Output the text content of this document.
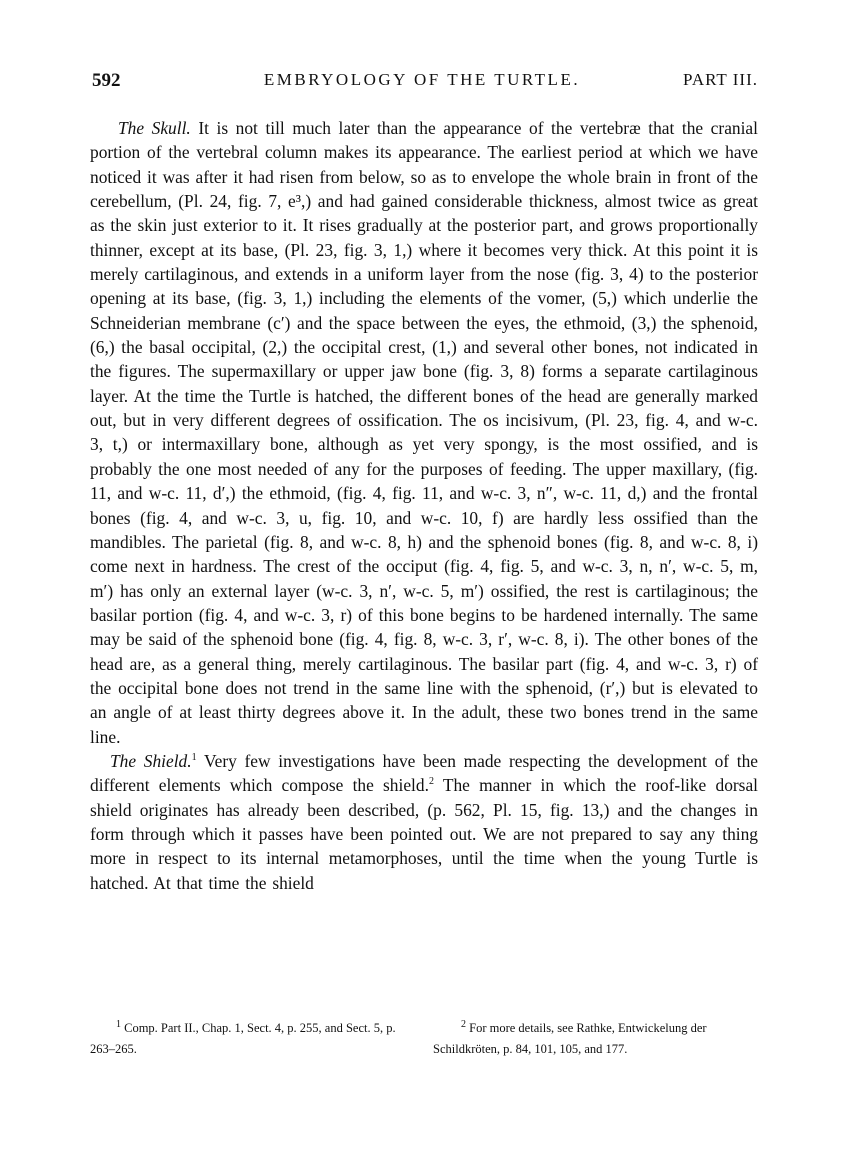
592	EMBRYOLOGY OF THE TURTLE.	PART III.

The Skull. It is not till much later than the appearance of the vertebræ that the cranial portion of the vertebral column makes its appearance. The earliest period at which we have noticed it was after it had risen from below, so as to envelope the whole brain in front of the cerebellum, (Pl. 24, fig. 7, e³,) and had gained considerable thickness, almost twice as great as the skin just exterior to it. It rises gradually at the posterior part, and grows proportionally thinner, except at its base, (Pl. 23, fig. 3, 1,) where it becomes very thick. At this point it is merely cartilaginous, and extends in a uniform layer from the nose (fig. 3, 4) to the posterior opening at its base, (fig. 3, 1,) including the elements of the vomer, (5,) which underlie the Schneiderian membrane (c′) and the space between the eyes, the ethmoid, (3,) the sphenoid, (6,) the basal occipital, (2,) the occipital crest, (1,) and several other bones, not indicated in the figures. The supermaxillary or upper jaw bone (fig. 3, 8) forms a separate cartilaginous layer. At the time the Turtle is hatched, the different bones of the head are generally marked out, but in very different degrees of ossification. The os incisivum, (Pl. 23, fig. 4, and w-c. 3, t,) or intermaxillary bone, although as yet very spongy, is the most ossified, and is probably the one most needed of any for the purposes of feeding. The upper maxillary, (fig. 11, and w-c. 11, d′,) the ethmoid, (fig. 4, fig. 11, and w-c. 3, n″, w-c. 11, d,) and the frontal bones (fig. 4, and w-c. 3, u, fig. 10, and w-c. 10, f) are hardly less ossified than the mandibles. The parietal (fig. 8, and w-c. 8, h) and the sphenoid bones (fig. 8, and w-c. 8, i) come next in hardness. The crest of the occiput (fig. 4, fig. 5, and w-c. 3, n, n′, w-c. 5, m, m′) has only an external layer (w-c. 3, n′, w-c. 5, m′) ossified, the rest is cartilaginous; the basilar portion (fig. 4, and w-c. 3, r) of this bone begins to be hardened internally. The same may be said of the sphenoid bone (fig. 4, fig. 8, w-c. 3, r′, w-c. 8, i). The other bones of the head are, as a general thing, merely cartilaginous. The basilar part (fig. 4, and w-c. 3, r) of the occipital bone does not trend in the same line with the sphenoid, (r′,) but is elevated to an angle of at least thirty degrees above it. In the adult, these two bones trend in the same line.

The Shield.$^1$ Very few investigations have been made respecting the development of the different elements which compose the shield.$^2$ The manner in which the roof-like dorsal shield originates has already been described, (p. 562, Pl. 15, fig. 13,) and the changes in form through which it passes have been pointed out. We are not prepared to say any thing more in respect to its internal metamorphoses, until the time when the young Turtle is hatched. At that time the shield

$^1$ Comp. Part II., Chap. 1, Sect. 4, p. 255, and Sect. 5, p. 263–265.
$^2$ For more details, see Rathke, Entwickelung der Schildkröten, p. 84, 101, 105, and 177.
